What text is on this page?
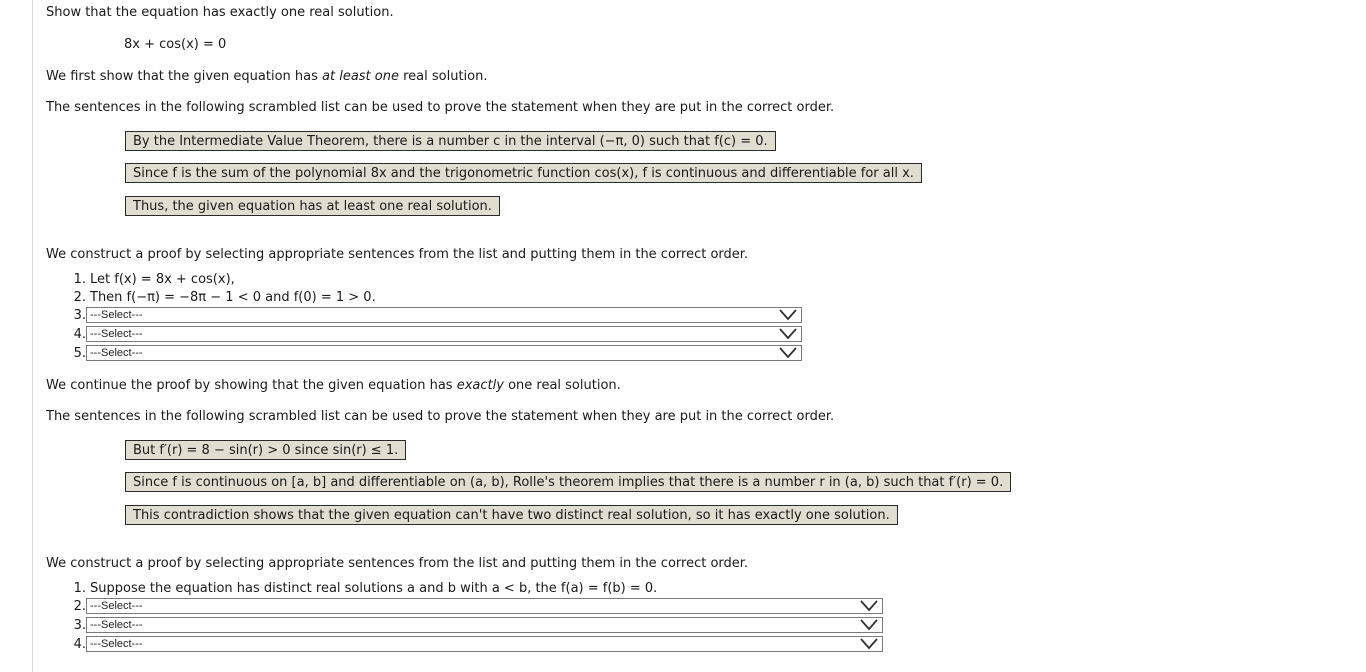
Show that the equation has exactly one real solution.
8x + cos(x) = 0
We first show that the given equation has at least one real solution.
The sentences in the following scrambled list can be used to prove the statement when they are put in the correct order.
By the Intermediate Value Theorem, there is a number c in the interval (−π, 0) such that f(c) = 0.
Since f is the sum of the polynomial 8x and the trigonometric function cos(x), f is continuous and differentiable for all x.
Thus, the given equation has at least one real solution.
We construct a proof by selecting appropriate sentences from the list and putting them in the correct order.
1. Let f(x) = 8x + cos(x),
2. Then f(−π) = −8π − 1 < 0 and f(0) = 1 > 0.
3. ---Select---
4. ---Select---
5. ---Select---
We continue the proof by showing that the given equation has exactly one real solution.
The sentences in the following scrambled list can be used to prove the statement when they are put in the correct order.
But f′(r) = 8 − sin(r) > 0 since sin(r) ≤ 1.
Since f is continuous on [a, b] and differentiable on (a, b), Rolle's theorem implies that there is a number r in (a, b) such that f′(r) = 0.
This contradiction shows that the given equation can't have two distinct real solution, so it has exactly one solution.
We construct a proof by selecting appropriate sentences from the list and putting them in the correct order.
1. Suppose the equation has distinct real solutions a and b with a < b, the f(a) = f(b) = 0.
2. ---Select---
3. ---Select---
4. ---Select---
